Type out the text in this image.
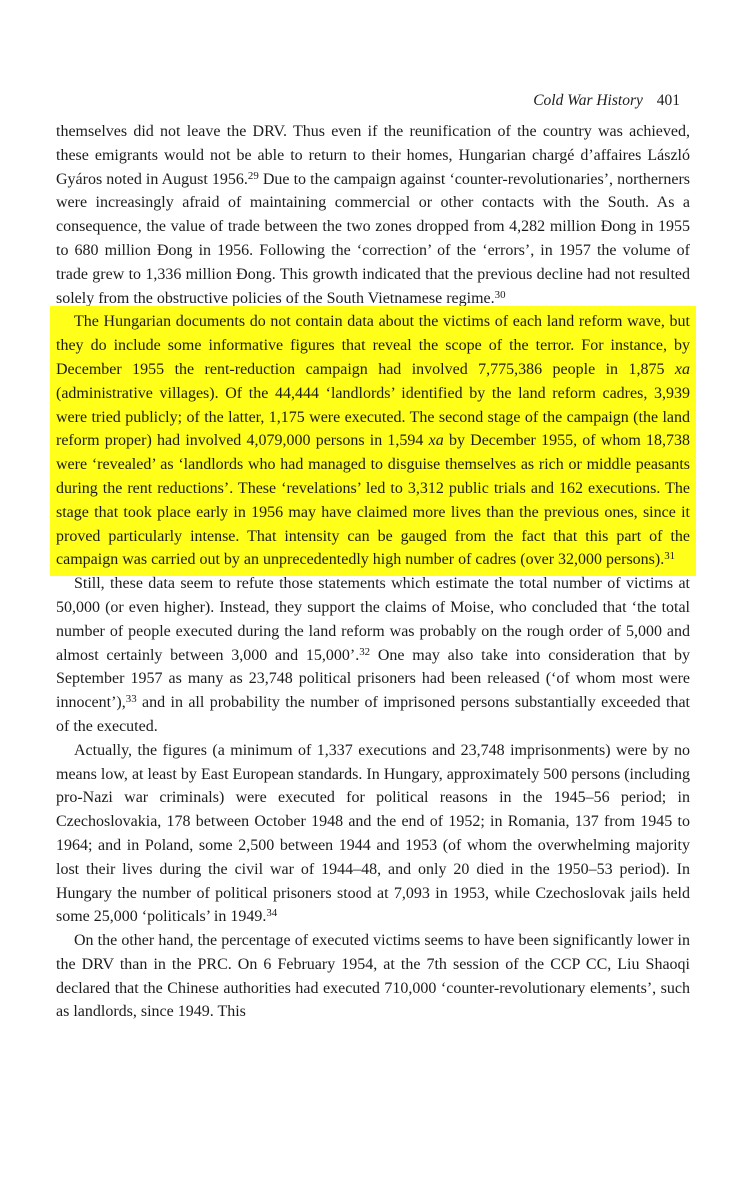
Cold War History 401

themselves did not leave the DRV. Thus even if the reunification of the country was achieved, these emigrants would not be able to return to their homes, Hungarian chargé d’affaires László Gyáros noted in August 1956.29 Due to the campaign against ‘counter-revolutionaries’, northerners were increasingly afraid of maintaining commercial or other contacts with the South. As a consequence, the value of trade between the two zones dropped from 4,282 million Đong in 1955 to 680 million Đong in 1956. Following the ‘correction’ of the ‘errors’, in 1957 the volume of trade grew to 1,336 million Đong. This growth indicated that the previous decline had not resulted solely from the obstructive policies of the South Vietnamese regime.$^{30}$

The Hungarian documents do not contain data about the victims of each land reform wave, but they do include some informative figures that reveal the scope of the terror. For instance, by December 1955 the rent-reduction campaign had involved 7,775,386 people in 1,875 xa (administrative villages). Of the 44,444 ‘landlords’ identified by the land reform cadres, 3,939 were tried publicly; of the latter, 1,175 were executed. The second stage of the campaign (the land reform proper) had involved 4,079,000 persons in 1,594 xa by December 1955, of whom 18,738 were ‘revealed’ as ‘landlords who had managed to disguise themselves as rich or middle peasants during the rent reductions’. These ‘revelations’ led to 3,312 public trials and 162 executions. The stage that took place early in 1956 may have claimed more lives than the previous ones, since it proved particularly intense. That intensity can be gauged from the fact that this part of the campaign was carried out by an unprecedentedly high number of cadres (over 32,000 persons).$^{31}$

Still, these data seem to refute those statements which estimate the total number of victims at 50,000 (or even higher). Instead, they support the claims of Moise, who concluded that ‘the total number of people executed during the land reform was probably on the rough order of 5,000 and almost certainly between 3,000 and 15,000’.$^{32}$ One may also take into consideration that by September 1957 as many as 23,748 political prisoners had been released (‘of whom most were innocent’),$^{33}$ and in all probability the number of imprisoned persons substantially exceeded that of the executed.

Actually, the figures (a minimum of 1,337 executions and 23,748 imprisonments) were by no means low, at least by East European standards. In Hungary, approximately 500 persons (including pro-Nazi war criminals) were executed for political reasons in the 1945–56 period; in Czechoslovakia, 178 between October 1948 and the end of 1952; in Romania, 137 from 1945 to 1964; and in Poland, some 2,500 between 1944 and 1953 (of whom the overwhelming majority lost their lives during the civil war of 1944–48, and only 20 died in the 1950–53 period). In Hungary the number of political prisoners stood at 7,093 in 1953, while Czechoslovak jails held some 25,000 ‘politicals’ in 1949.34

On the other hand, the percentage of executed victims seems to have been significantly lower in the DRV than in the PRC. On 6 February 1954, at the 7th session of the CCP CC, Liu Shaoqi declared that the Chinese authorities had executed 710,000 ‘counter-revolutionary elements’, such as landlords, since 1949. This
